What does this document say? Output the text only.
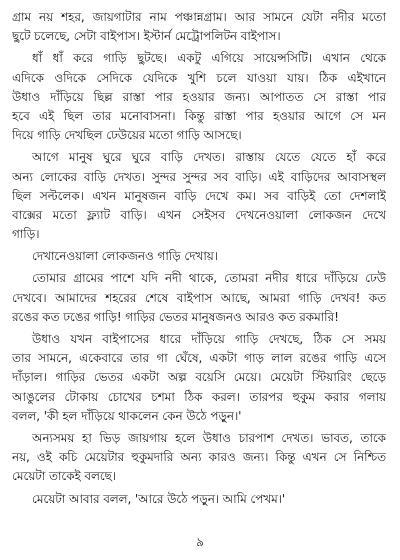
গ্রাম নয় শহর, জায়গাটার নাম পঞ্চান্নগ্রাম। আর সামনে যেটা নদীর মতো
ছুটে চলেছে, সেটা বাইপাস। ইস্টার্ন মেট্রোপলিটন বাইপাস।
ধাঁ ধাঁ করে গাড়ি ছুটছে। একটু এগিয়ে সায়েন্সসিটি। এখান থেকে
এদিকে ওদিকে সেদিকে যেদিকে খুশি চলে যাওয়া যায়। ঠিক এইখানে
উধাও দাঁড়িয়ে ছিল্ল রাস্তা পার হওয়ার জন্য। আপাতত সে রাস্তা পার
হবে এই ছিল তার মনোবাসনা। কিন্তু রাস্তা পার হওয়ার আগে সে মন
দিয়ে গাড়ি দেখছিল ঢেউয়ের মতো গাড়ি আসছে।
আগে মানুষ ঘুরে ঘুরে বাড়ি দেখত। রাস্তায় যেতে যেতে হাঁ করে
অন্য লোকের বাড়ি দেখত। সুন্দর সুন্দর সব বাড়ি। এই বাড়িদের আবাসস্থল
ছিল সল্টলেক। এখন মানুষজন বাড়ি দেখে কম। সব বাড়িই তো দেশলাই
বাক্সের মতো ফ্ল্যাট বাড়ি। এখন সেইসব দেখনেওয়ালা লোকজন দেখে
গাড়ি।
দেখানেওয়ালা লোকজনও গাড়ি দেখায়।
তোমার গ্রামের পাশে যদি নদী থাকে, তোমরা নদীর ধারে দাঁড়িয়ে ঢেউ
দেখবে। আমাদের শহরের শেষে বাইপাস আছে, আমরা গাড়ি দেখব! কত
রঙের কত ঢঙের গাড়ি! গাড়ির ভেতর মানুষজনও আরও কত রকমারি!
উধাও যখন বাইপাসের ধারে দাঁড়িয়ে গাড়ি দেখছে, ঠিক সে সময়
তার সামনে, একেবারে তার গা ঘেঁষে, একটা গাড় লাল রঙের গাড়ি এসে
দাঁড়াল। গাড়ির ভেতর একটা অল্প বয়েসি মেয়ে। মেয়েটা স্টিয়ারিং ছেড়ে
আঙুলের টোকায় চোখের চশমা ঠিক করল। তারপর হুকুম করার গলায়
বলল, 'কী হল দাঁড়িয়ে থাকলেন কেন উঠে পড়ুন।'
অন্যসময় হা ভিড় জায়গায় হলে উধাও চারপাশ দেখত। ভাবত, তাকে
নয়, ওই কচি মেয়েটার হুকুমদারি অন্য কারও জন্য। কিন্তু এখন সে নিশ্চিত
মেয়েটা তাকেই বলছে।
মেয়েটা আবার বলল, 'আরে উঠে পড়ুন। আমি পেখম।'
৯
